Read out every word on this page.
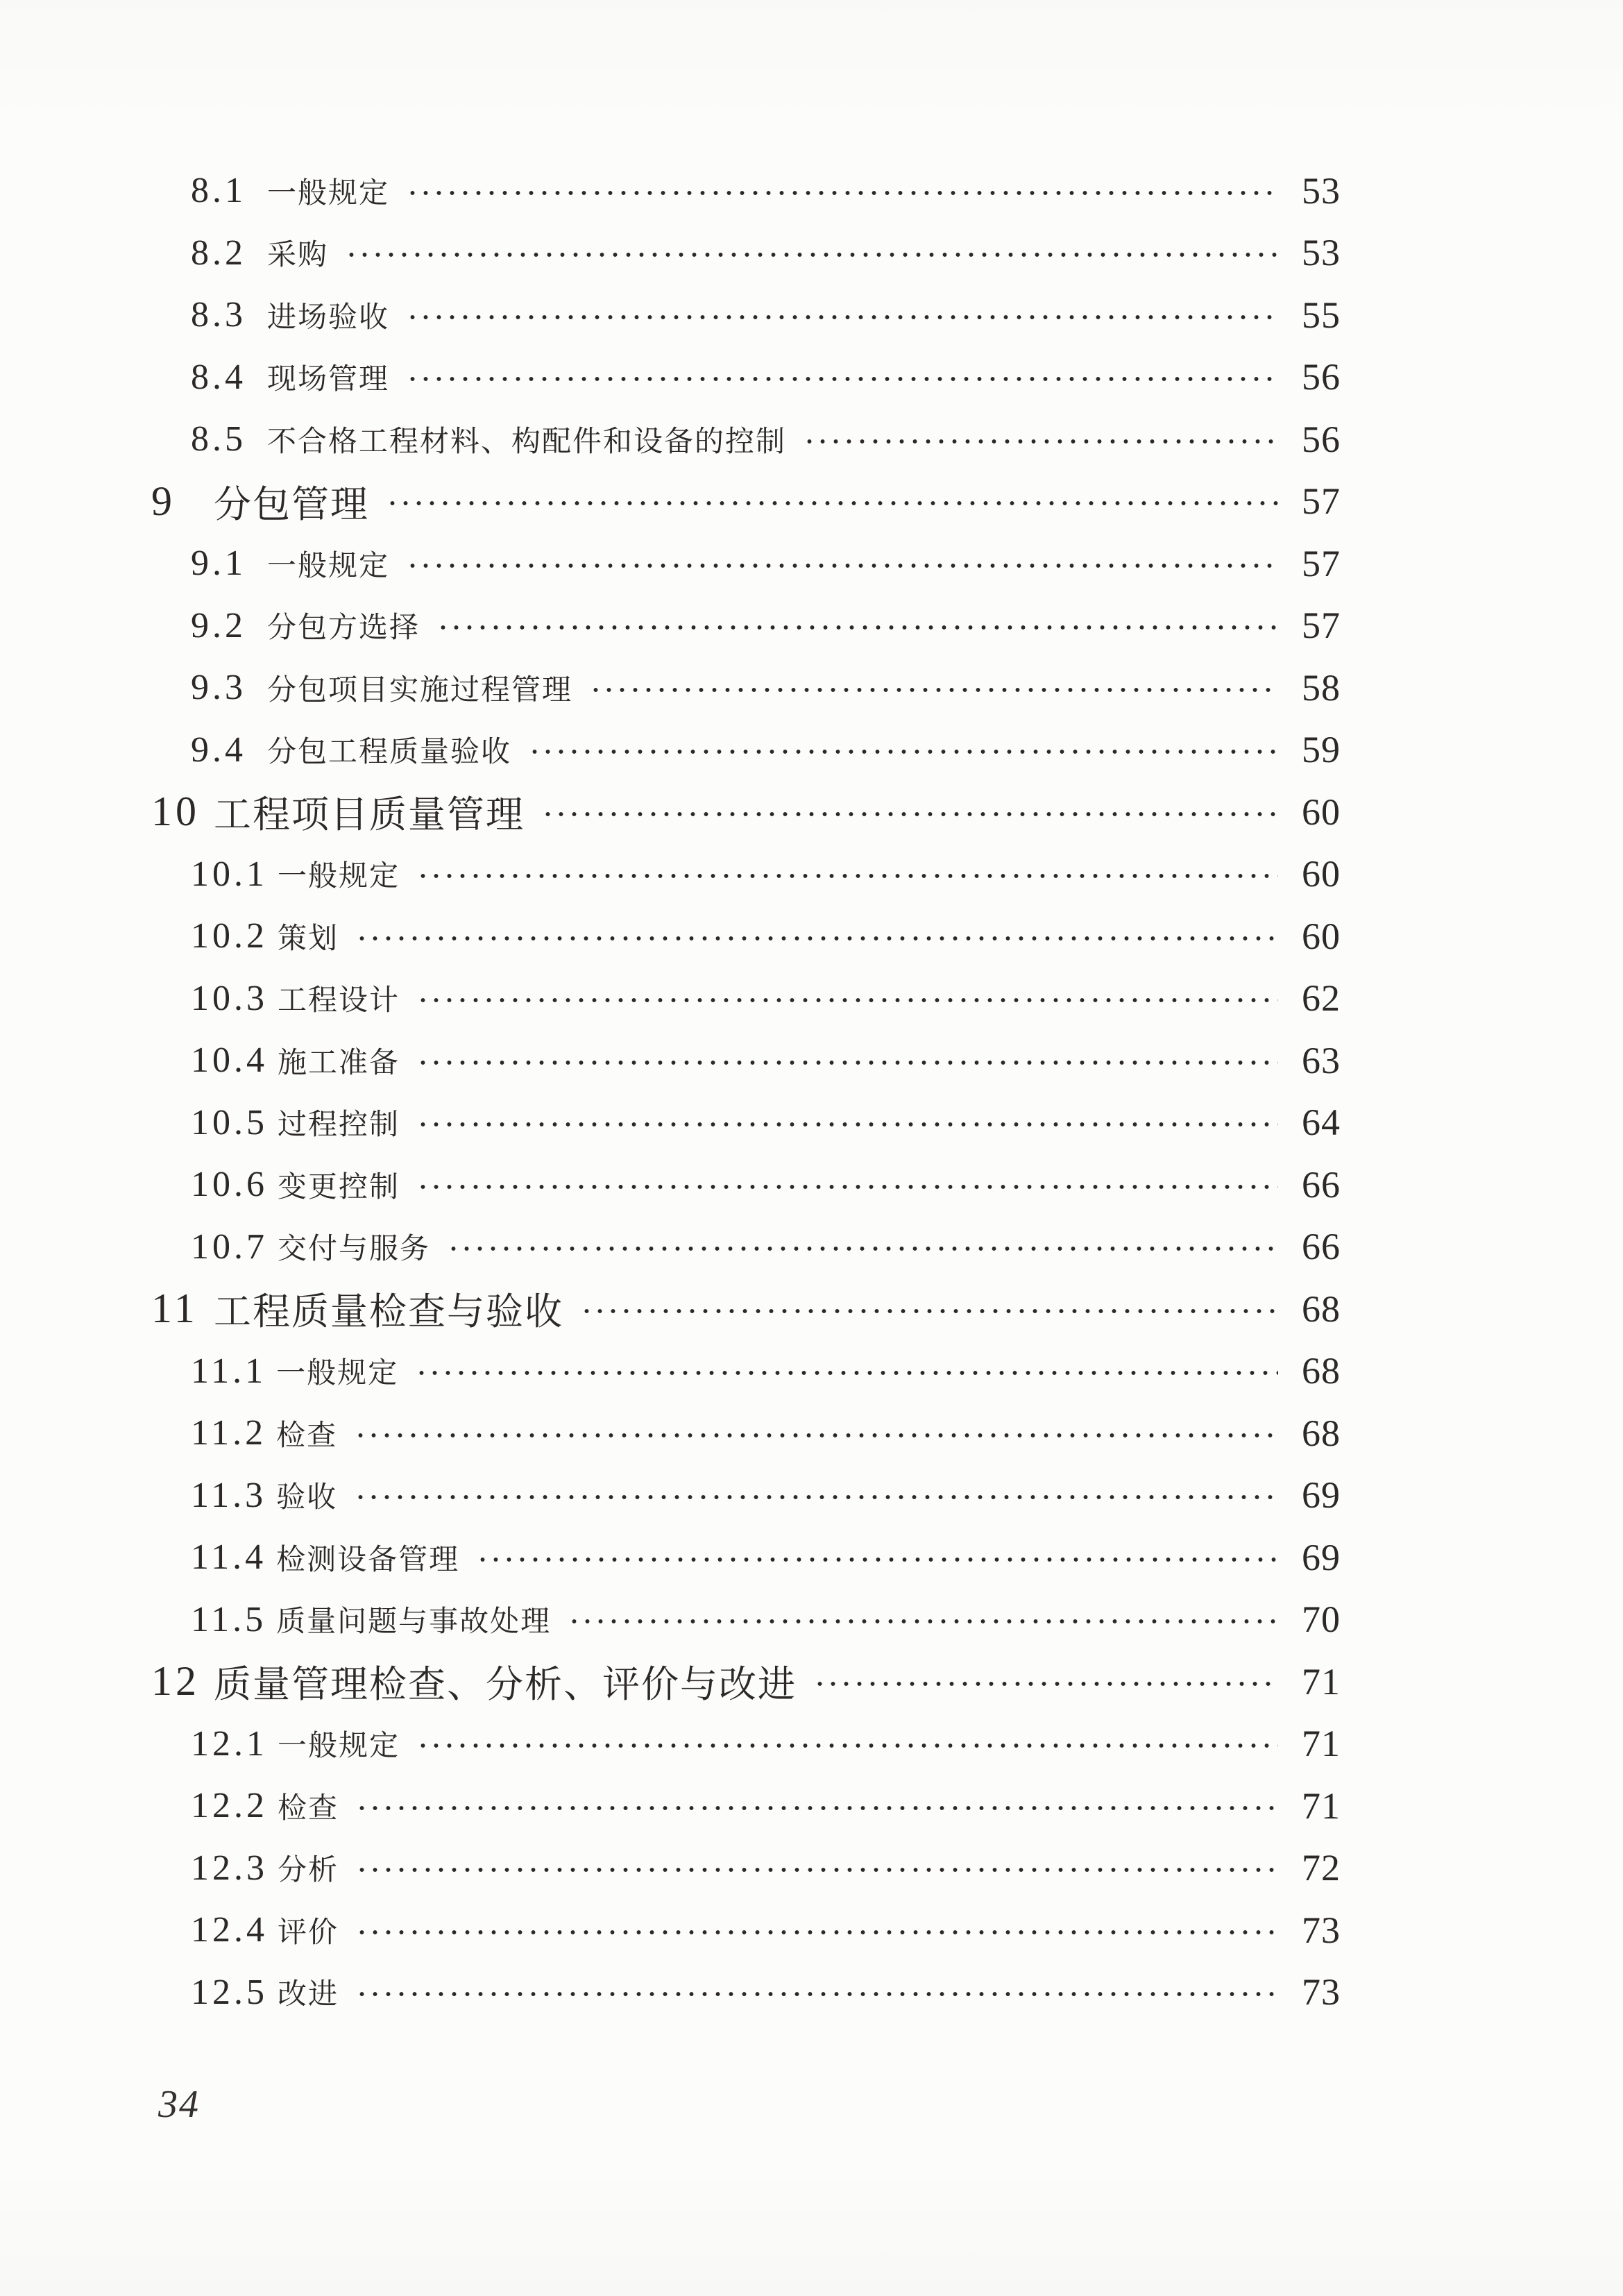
8.1 一般规定	53
8.2 采购	53
8.3 进场验收	55
8.4 现场管理	56
8.5 不合格工程材料、构配件和设备的控制	56
9	分包管理	57
9.1 一般规定	57
9.2 分包方选择	57
9.3 分包项目实施过程管理	58
9.4 分包工程质量验收	59
10 工程项目质量管理	60
10.1 一般规定	60
10.2 策划	60
10.3 工程设计	62
10.4 施工准备	63
10.5 过程控制	64
10.6 变更控制	66
10.7 交付与服务	66
11 工程质量检查与验收	68
11.1 一般规定	68
11.2 检查	68
11.3 验收	69
11.4 检测设备管理	69
11.5 质量问题与事故处理	70
12 质量管理检查、分析、评价与改进	71
12.1 一般规定	71
12.2 检查	71
12.3 分析	72
12.4 评价	73
12.5 改进	73
34
